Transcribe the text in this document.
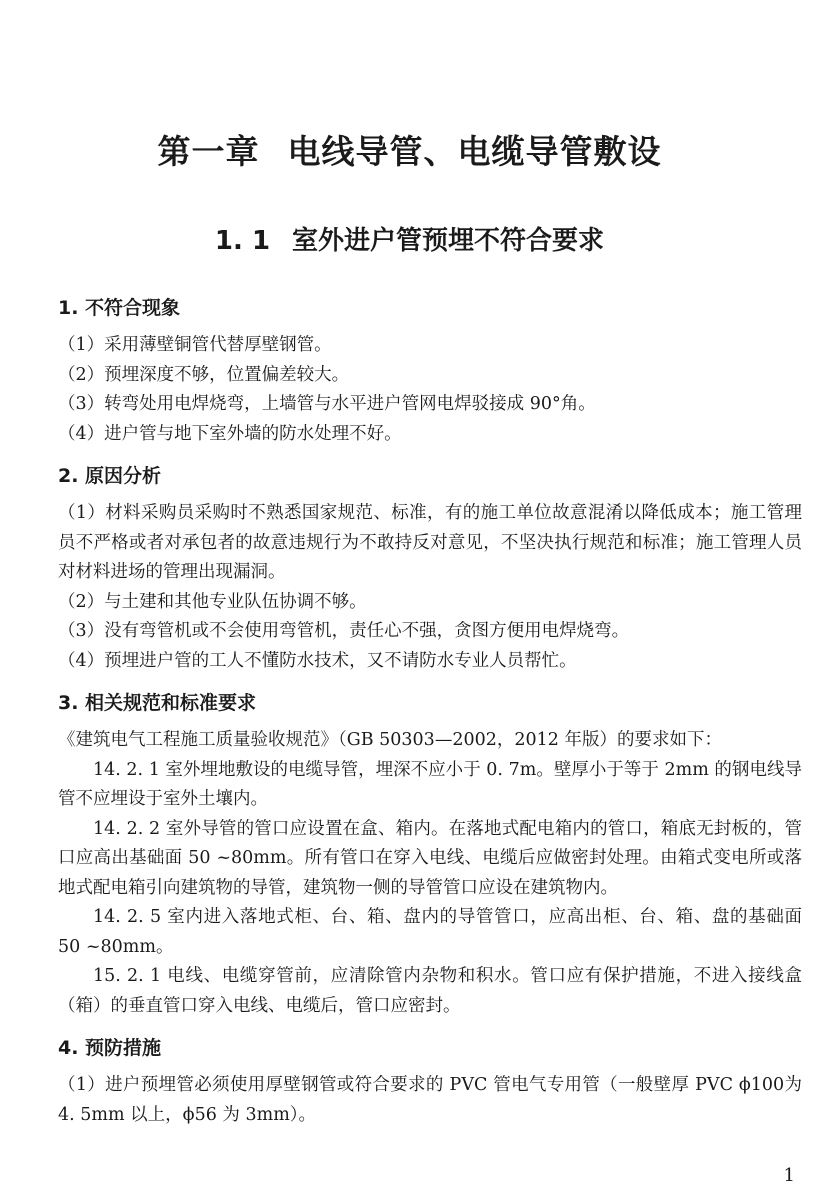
第一章 电线导管、电缆导管敷设
1. 1 室外进户管预埋不符合要求
1. 不符合现象

（1）采用薄壁铜管代替厚壁钢管。

（2）预埋深度不够，位置偏差较大。

（3）转弯处用电焊烧弯，上墙管与水平进户管网电焊驳接成 90°角。

（4）进户管与地下室外墙的防水处理不好。

2. 原因分析

（1）材料采购员采购时不熟悉国家规范、标准，有的施工单位故意混淆以降低成本；施工管理员不严格或者对承包者的故意违规行为不敢持反对意见，不坚决执行规范和标准；施工管理人员对材料进场的管理出现漏洞。

（2）与土建和其他专业队伍协调不够。

（3）没有弯管机或不会使用弯管机，责任心不强，贪图方便用电焊烧弯。

（4）预埋进户管的工人不懂防水技术，又不请防水专业人员帮忙。

3. 相关规范和标准要求

《建筑电气工程施工质量验收规范》（GB 50303—2002，2012 年版）的要求如下：

14. 2. 1 室外埋地敷设的电缆导管，埋深不应小于 0. 7m。壁厚小于等于 2mm 的钢电线导管不应埋设于室外土壤内。

14. 2. 2 室外导管的管口应设置在盒、箱内。在落地式配电箱内的管口，箱底无封板的，管口应高出基础面 50 ~80mm。所有管口在穿入电线、电缆后应做密封处理。由箱式变电所或落地式配电箱引向建筑物的导管，建筑物一侧的导管管口应设在建筑物内。

14. 2. 5 室内进入落地式柜、台、箱、盘内的导管管口，应高出柜、台、箱、盘的基础面 50 ~80mm。

15. 2. 1 电线、电缆穿管前，应清除管内杂物和积水。管口应有保护措施，不进入接线盒（箱）的垂直管口穿入电线、电缆后，管口应密封。

4. 预防措施

（1）进户预埋管必须使用厚壁钢管或符合要求的 PVC 管电气专用管（一般壁厚 PVC ϕ100为 4. 5mm 以上，ϕ56 为 3mm）。

1
